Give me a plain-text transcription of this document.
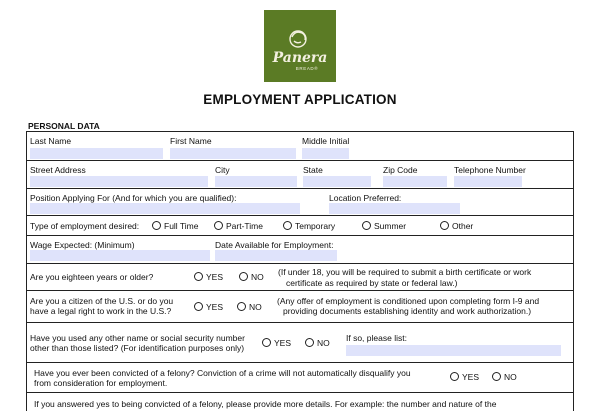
Panera
BREAD®
EMPLOYMENT APPLICATION
PERSONAL DATA
Last Name	First Name	Middle Initial
Street Address	City	State	Zip Code	Telephone Number
Position Applying For (And for which you are qualified):	Location Preferred:
Type of employment desired:	Full Time	Part-Time	Temporary	Summer	Other
Wage Expected: (Minimum)	Date Available for Employment:
Are you eighteen years or older?	YES	NO (If under 18, you will be required to submit a birth certificate or work
certificate as required by state or federal law.)
Are you a citizen of the U.S. or do you
have a legal right to work in the U.S.?	YES	NO
(Any offer of employment is conditioned upon completing form I-9 and
providing documents establishing identity and work authorization.)
Have you used any other name or social security number
other than those listed? (For identification purposes only)	YES	NO If so, please list:
Have you ever been convicted of a felony? Conviction of a crime will not automatically disqualify you
from consideration for employment.
YES	NO
If you answered yes to being convicted of a felony, please provide more details. For example: the number and nature of the
